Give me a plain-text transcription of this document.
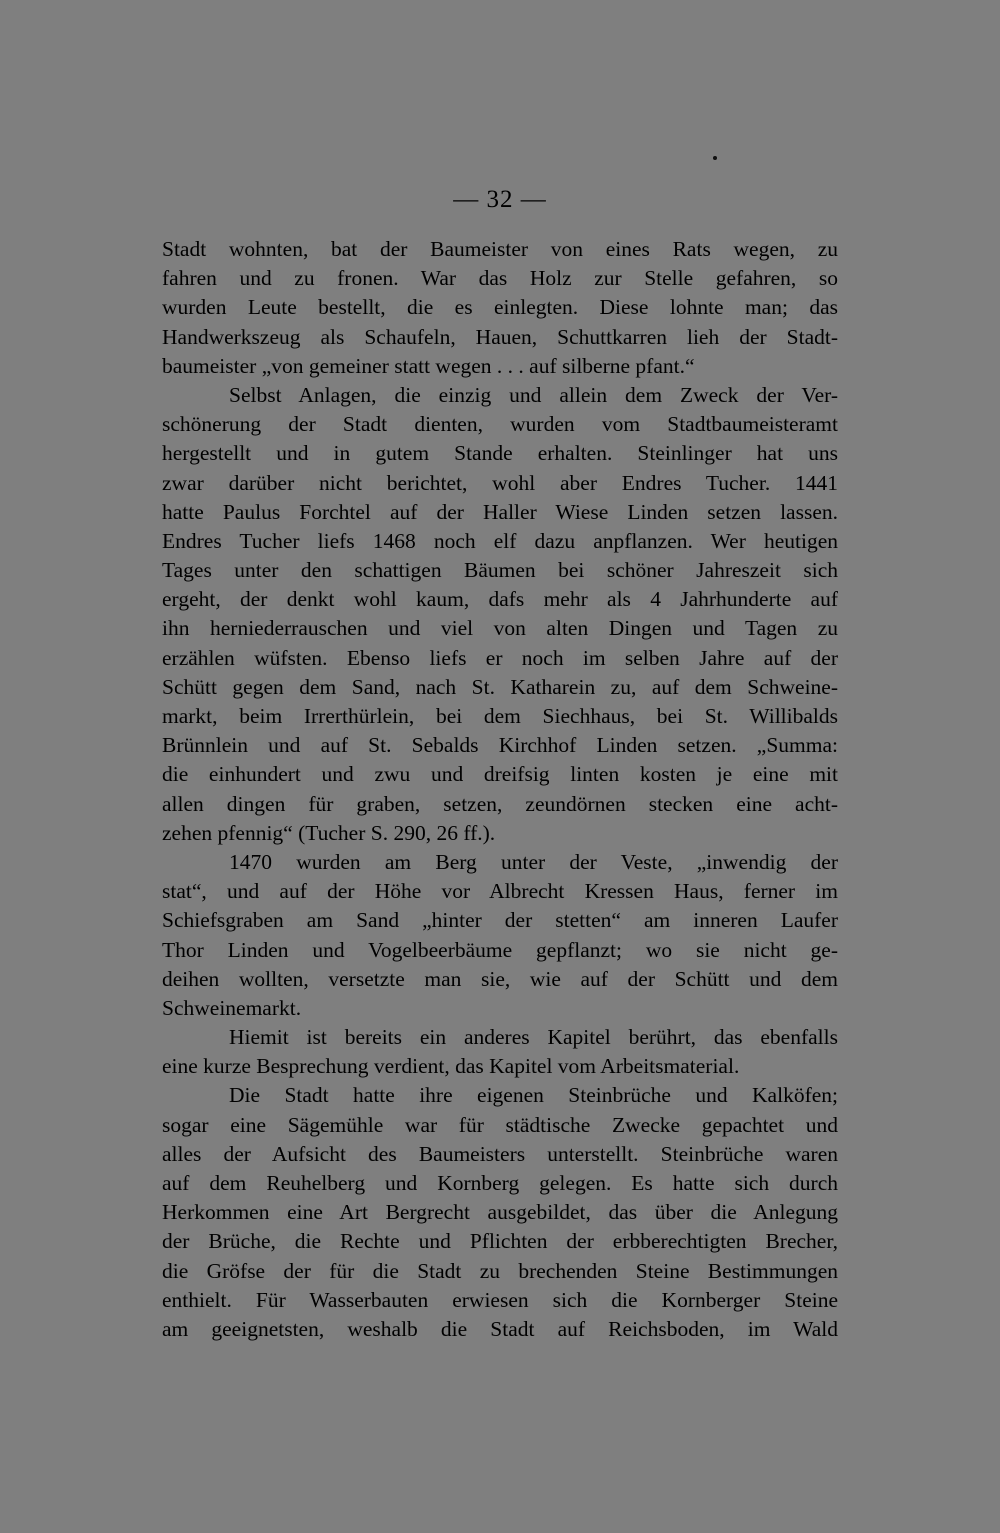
— 32 —
Stadt wohnten, bat der Baumeister von eines Rats wegen, zu
fahren und zu fronen. War das Holz zur Stelle gefahren, so
wurden Leute bestellt, die es einlegten. Diese lohnte man; das
Handwerkszeug als Schaufeln, Hauen, Schuttkarren lieh der Stadt-
baumeister „von gemeiner statt wegen . . . auf silberne pfant.“
Selbst Anlagen, die einzig und allein dem Zweck der Ver-
schönerung der Stadt dienten, wurden vom Stadtbaumeisteramt
hergestellt und in gutem Stande erhalten. Steinlinger hat uns
zwar darüber nicht berichtet, wohl aber Endres Tucher. 1441
hatte Paulus Forchtel auf der Haller Wiese Linden setzen lassen.
Endres Tucher liefs 1468 noch elf dazu anpflanzen. Wer heutigen
Tages unter den schattigen Bäumen bei schöner Jahreszeit sich
ergeht, der denkt wohl kaum, dafs mehr als 4 Jahrhunderte auf
ihn herniederrauschen und viel von alten Dingen und Tagen zu
erzählen wüfsten. Ebenso liefs er noch im selben Jahre auf der
Schütt gegen dem Sand, nach St. Katharein zu, auf dem Schweine-
markt, beim Irrerthürlein, bei dem Siechhaus, bei St. Willibalds
Brünnlein und auf St. Sebalds Kirchhof Linden setzen. „Summa:
die einhundert und zwu und dreifsig linten kosten je eine mit
allen dingen für graben, setzen, zeundörnen stecken eine acht-
zehen pfennig“ (Tucher S. 290, 26 ff.).
1470 wurden am Berg unter der Veste, „inwendig der
stat“, und auf der Höhe vor Albrecht Kressen Haus, ferner im
Schiefsgraben am Sand „hinter der stetten“ am inneren Laufer
Thor Linden und Vogelbeerbäume gepflanzt; wo sie nicht ge-
deihen wollten, versetzte man sie, wie auf der Schütt und dem
Schweinemarkt.
Hiemit ist bereits ein anderes Kapitel berührt, das ebenfalls
eine kurze Besprechung verdient, das Kapitel vom Arbeitsmaterial.
Die Stadt hatte ihre eigenen Steinbrüche und Kalköfen;
sogar eine Sägemühle war für städtische Zwecke gepachtet und
alles der Aufsicht des Baumeisters unterstellt. Steinbrüche waren
auf dem Reuhelberg und Kornberg gelegen. Es hatte sich durch
Herkommen eine Art Bergrecht ausgebildet, das über die Anlegung
der Brüche, die Rechte und Pflichten der erbberechtigten Brecher,
die Gröfse der für die Stadt zu brechenden Steine Bestimmungen
enthielt. Für Wasserbauten erwiesen sich die Kornberger Steine
am geeignetsten, weshalb die Stadt auf Reichsboden, im Wald
